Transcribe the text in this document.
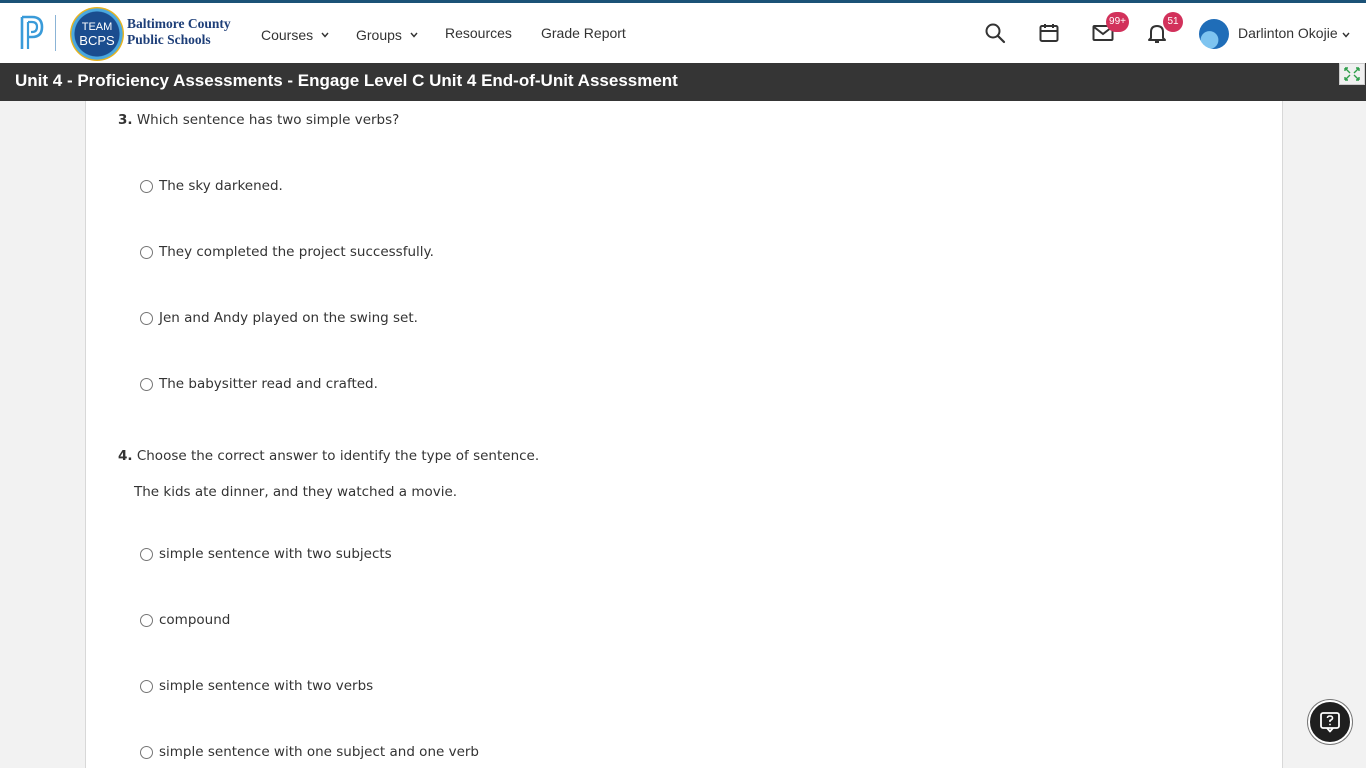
TEAM
BCPS
Baltimore County
Public Schools	Courses	Groups	Resources Grade Report
99+	51
Darlinton Okojie
Unit 4 - Proficiency Assessments - Engage Level C Unit 4 End-of-Unit Assessment
3. Which sentence has two simple verbs?
The sky darkened.
They completed the project successfully.
Jen and Andy played on the swing set.
The babysitter read and crafted.
4. Choose the correct answer to identify the type of sentence.
The kids ate dinner, and they watched a movie.
simple sentence with two subjects
compound
simple sentence with two verbs
simple sentence with one subject and one verb
